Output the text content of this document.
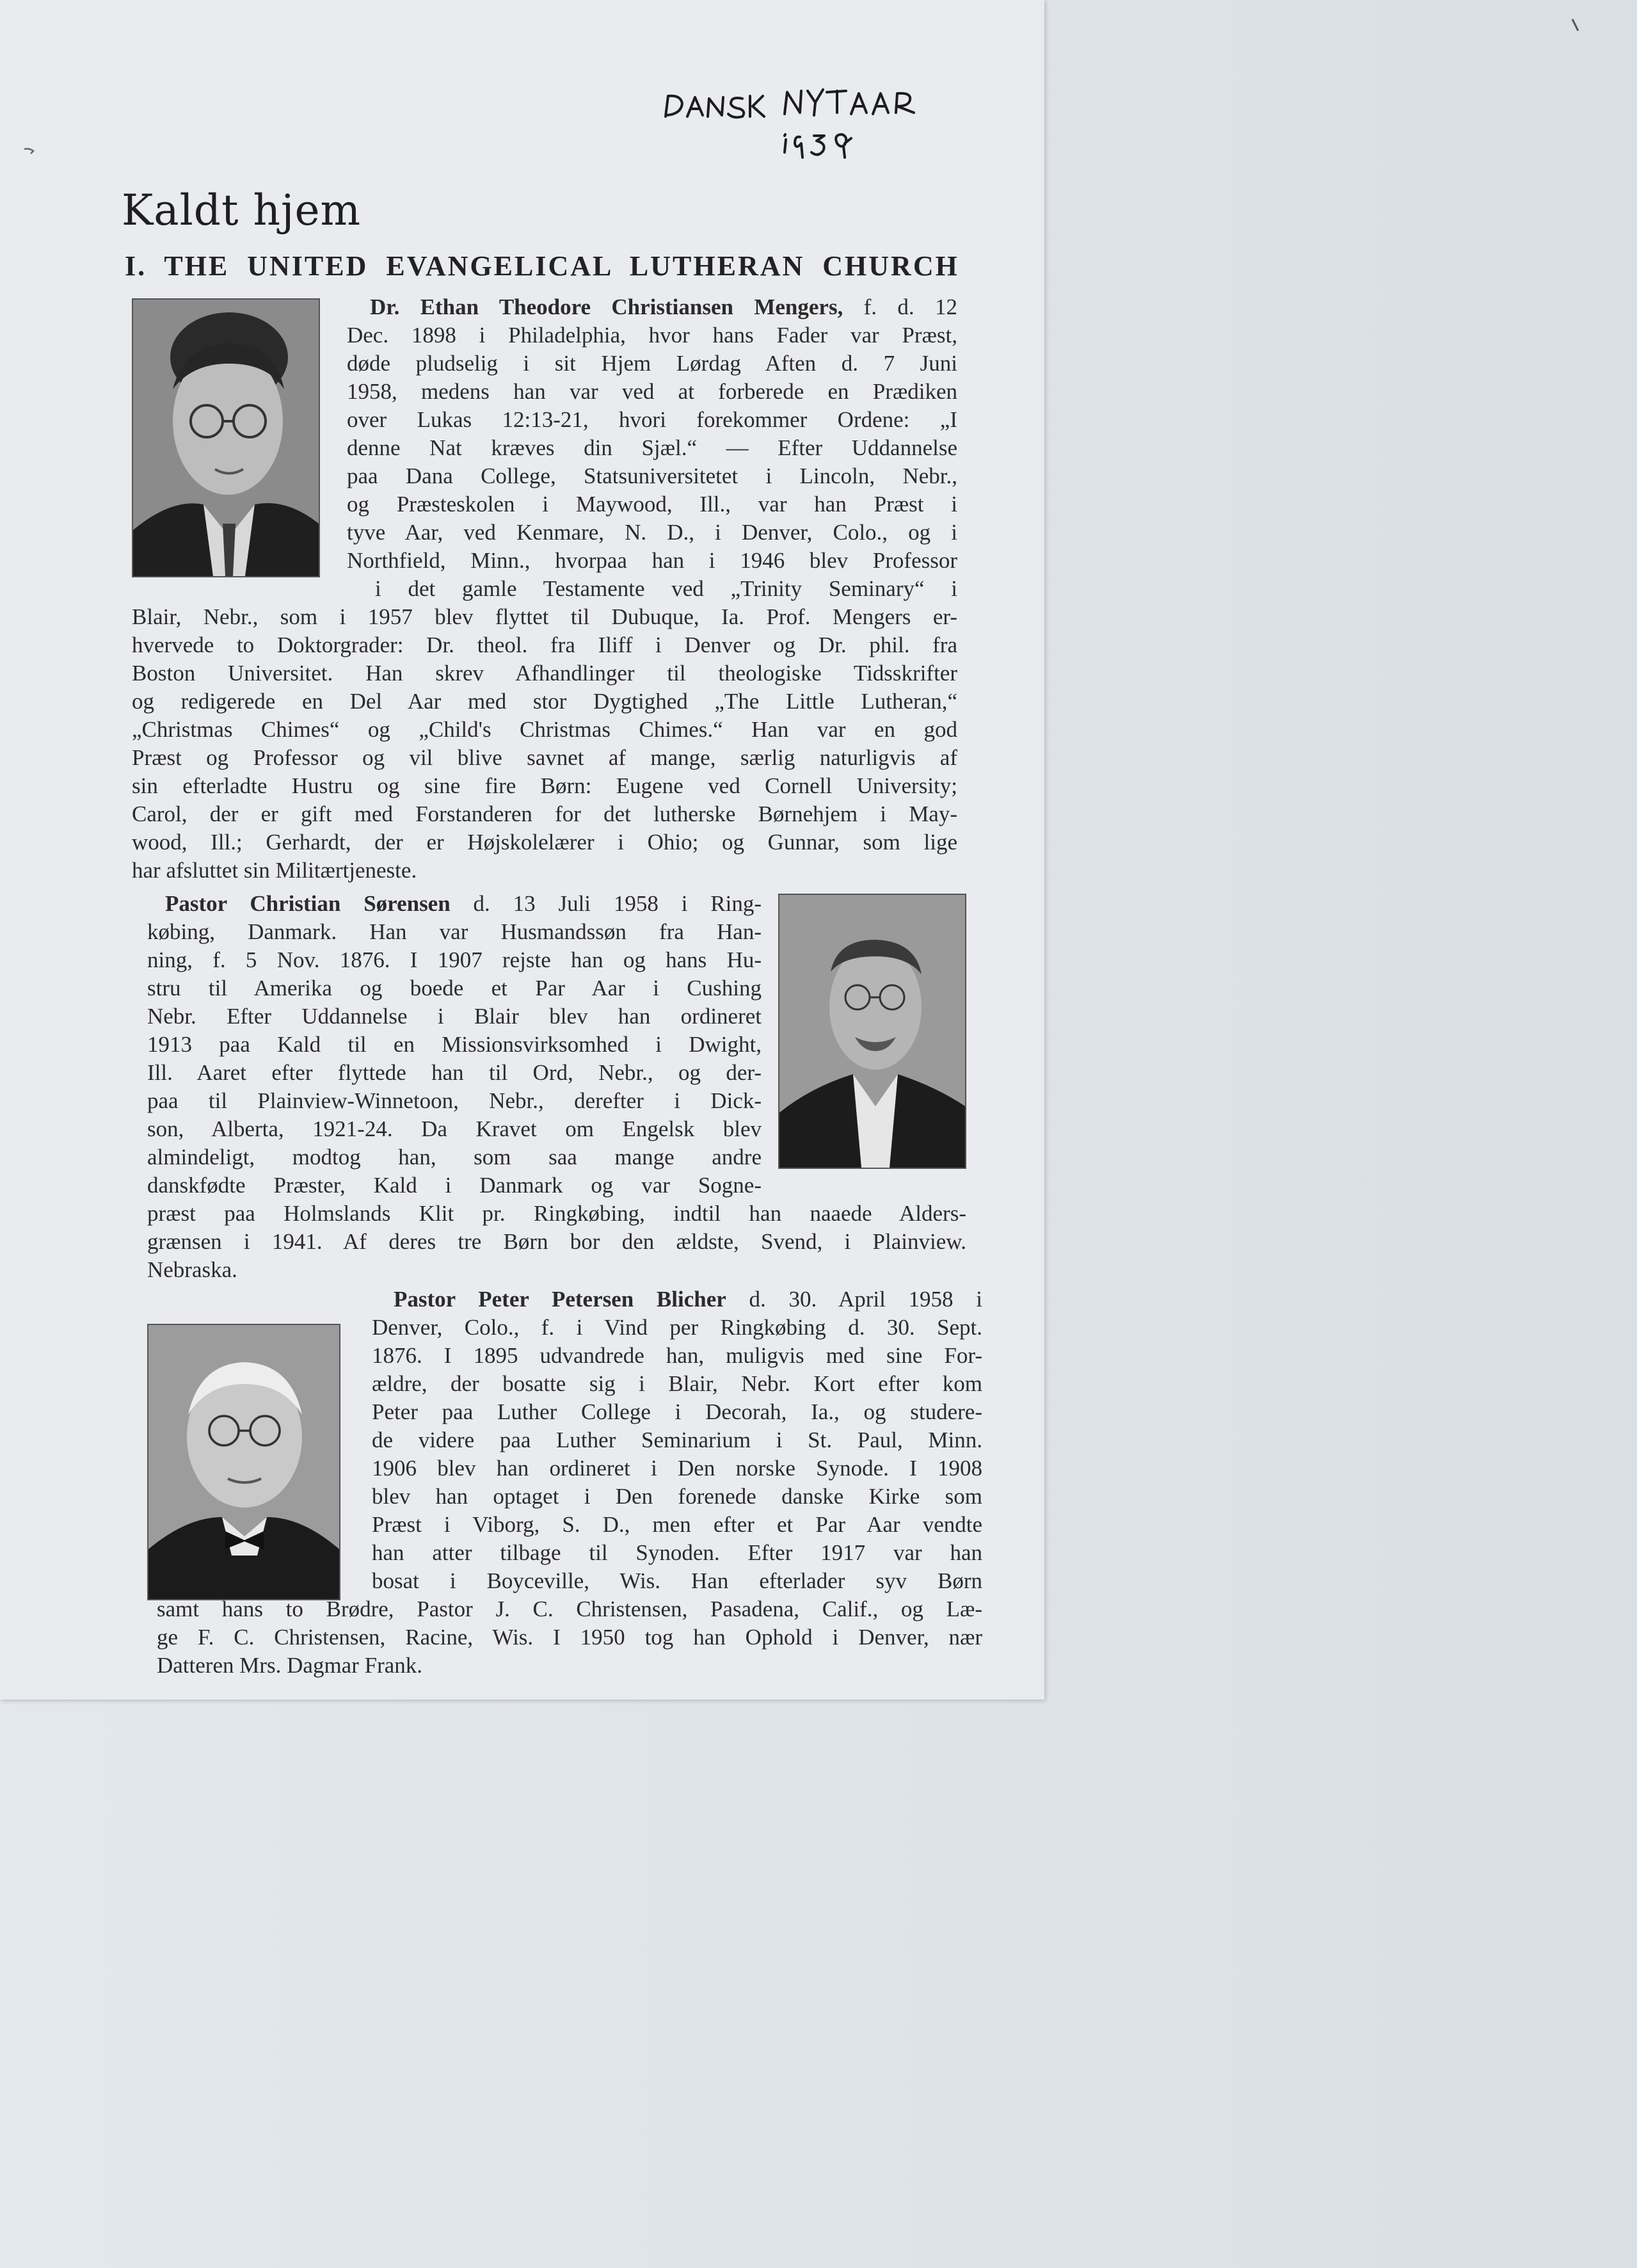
Kaldt hjem
I. THE UNITED EVANGELICAL LUTHERAN CHURCH
Dr. Ethan Theodore Christiansen Mengers, f. d. 12
Dec. 1898 i Philadelphia, hvor hans Fader var Præst,
døde pludselig i sit Hjem Lørdag Aften d. 7 Juni
1958, medens han var ved at forberede en Prædiken
over Lukas 12:13-21, hvori forekommer Ordene: „I
denne Nat kræves din Sjæl.“ — Efter Uddannelse
paa Dana College, Statsuniversitetet i Lincoln, Nebr.,
og Præsteskolen i Maywood, Ill., var han Præst i
tyve Aar, ved Kenmare, N. D., i Denver, Colo., og i
Northfield, Minn., hvorpaa han i 1946 blev Professor
i det gamle Testamente ved „Trinity Seminary“ i
Blair, Nebr., som i 1957 blev flyttet til Dubuque, Ia. Prof. Mengers er-
hvervede to Doktorgrader: Dr. theol. fra Iliff i Denver og Dr. phil. fra
Boston Universitet. Han skrev Afhandlinger til theologiske Tidsskrifter
og redigerede en Del Aar med stor Dygtighed „The Little Lutheran,“
„Christmas Chimes“ og „Child's Christmas Chimes.“ Han var en god
Præst og Professor og vil blive savnet af mange, særlig naturligvis af
sin efterladte Hustru og sine fire Børn: Eugene ved Cornell University;
Carol, der er gift med Forstanderen for det lutherske Børnehjem i May-
wood, Ill.; Gerhardt, der er Højskolelærer i Ohio; og Gunnar, som lige
har afsluttet sin Militærtjeneste.
Pastor Christian Sørensen d. 13 Juli 1958 i Ring-
købing, Danmark. Han var Husmandssøn fra Han-
ning, f. 5 Nov. 1876. I 1907 rejste han og hans Hu-
stru til Amerika og boede et Par Aar i Cushing
Nebr. Efter Uddannelse i Blair blev han ordineret
1913 paa Kald til en Missionsvirksomhed i Dwight,
Ill. Aaret efter flyttede han til Ord, Nebr., og der-
paa til Plainview-Winnetoon, Nebr., derefter i Dick-
son, Alberta, 1921-24. Da Kravet om Engelsk blev
almindeligt, modtog han, som saa mange andre
danskfødte Præster, Kald i Danmark og var Sogne-
præst paa Holmslands Klit pr. Ringkøbing, indtil han naaede Alders-
grænsen i 1941. Af deres tre Børn bor den ældste, Svend, i Plainview.
Nebraska.
Pastor Peter Petersen Blicher d. 30. April 1958 i
Denver, Colo., f. i Vind per Ringkøbing d. 30. Sept.
1876. I 1895 udvandrede han, muligvis med sine For-
ældre, der bosatte sig i Blair, Nebr. Kort efter kom
Peter paa Luther College i Decorah, Ia., og studere-
de videre paa Luther Seminarium i St. Paul, Minn.
1906 blev han ordineret i Den norske Synode. I 1908
blev han optaget i Den forenede danske Kirke som
Præst i Viborg, S. D., men efter et Par Aar vendte
han atter tilbage til Synoden. Efter 1917 var han
bosat i Boyceville, Wis. Han efterlader syv Børn
samt hans to Brødre, Pastor J. C. Christensen, Pasadena, Calif., og Læ-
ge F. C. Christensen, Racine, Wis. I 1950 tog han Ophold i Denver, nær
Datteren Mrs. Dagmar Frank.
